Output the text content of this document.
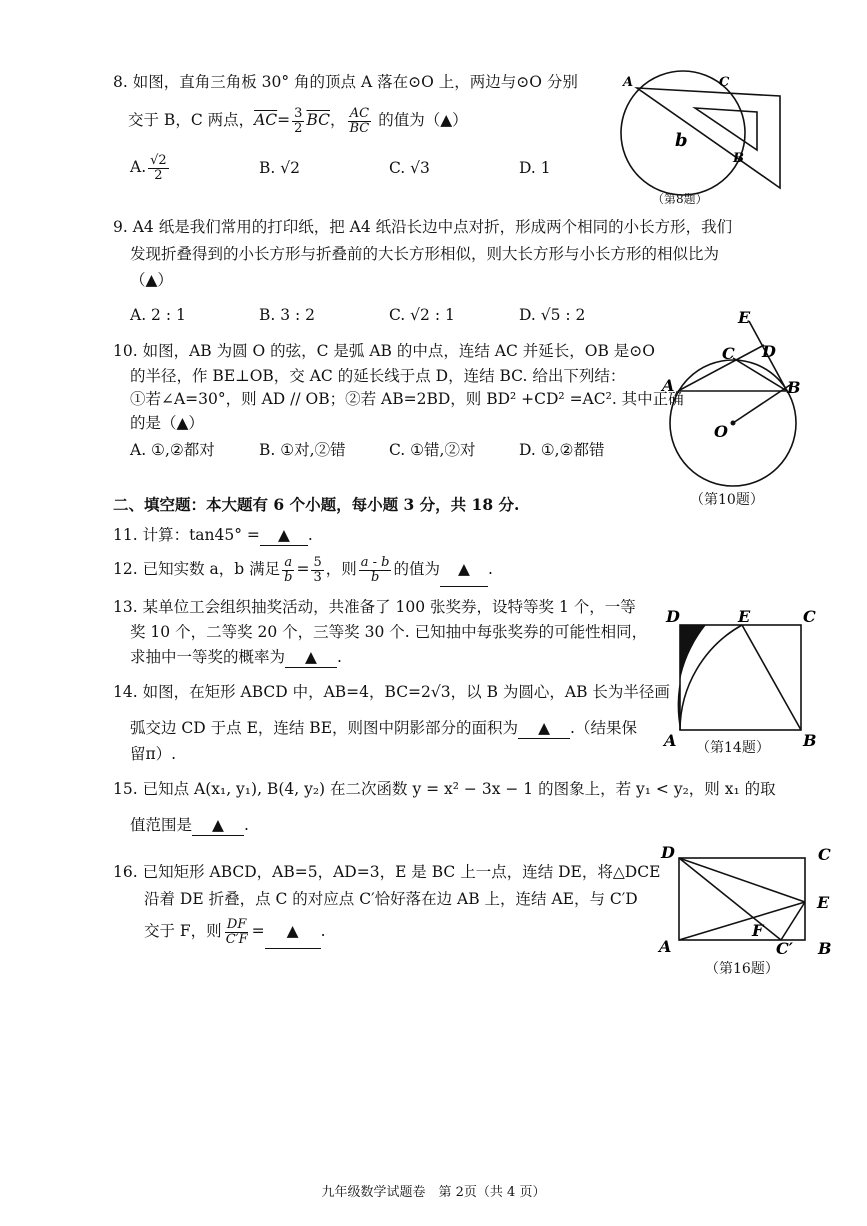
8. 如图，直角三角板 30° 角的顶点 A 落在⊙O 上，两边与⊙O 分别
交于 B，C 两点，$\overline{AC}= \frac{3}{2} \overline{BC}$， $\frac{AC}{BC}$ 的值为（▲）
A. $\frac{√2}{2}$	B. √2	C. √3	D. 1
A	C
B
b
（第8题）
9. A4 纸是我们常用的打印纸，把 A4 纸沿长边中点对折，形成两个相同的小长方形，我们
发现折叠得到的小长方形与折叠前的大长方形相似，则大长方形与小长方形的相似比为
（▲）
A. 2 : 1	B. 3 : 2	C. √2 : 1	D. √5 : 2
10. 如图，AB 为圆 O 的弦，C 是弧 AB 的中点，连结 AC 并延长，OB 是⊙O
的半径，作 BE⊥OB，交 AC 的延长线于点 D，连结 BC. 给出下列结：
①若∠A=30°，则 AD // OB；②若 AB=2BD，则 BD² +CD² =AC². 其中正确
的是（▲）
A. ①,②都对	B. ①对,②错	C. ①错,②对	D. ①,②都错
E
C D
A	B
O
（第10题）
二、填空题：本大题有 6 个小题，每小题 3 分，共 18 分.
11. 计算：tan45° = ▲ .
12. 已知实数 a，b 满足 $\frac{a}{b} = \frac{5}{3}$ ，则 $\frac{a - b}{b}$ 的值为 ▲ .
13. 某单位工会组织抽奖活动，共准备了 100 张奖券，设特等奖 1 个，一等
奖 10 个，二等奖 20 个，三等奖 30 个. 已知抽中每张奖券的可能性相同，
求抽中一等奖的概率为 ▲ .
14. 如图，在矩形 ABCD 中，AB=4，BC=2√3，以 B 为圆心，AB 长为半径画
弧交边 CD 于点 E，连结 BE，则图中阴影部分的面积为 ▲ .（结果保
留π）.
D	E	C
A	B
（第14题）
15. 已知点 A(x₁, y₁), B(4, y₂) 在二次函数 y = x² − 3x − 1 的图象上，若 y₁ < y₂，则 x₁ 的取
值范围是 ▲ .
16. 已知矩形 ABCD，AB=5，AD=3，E 是 BC 上一点，连结 DE，将△DCE
沿着 DE 折叠，点 C 的对应点 C′恰好落在边 AB 上，连结 AE，与 C′D
交于 F，则 $\frac{DF}{C'F}$ = ▲ .
D	C
E
A
F
C′ B
（第16题）
九年级数学试题卷　第 2页（共 4 页）
